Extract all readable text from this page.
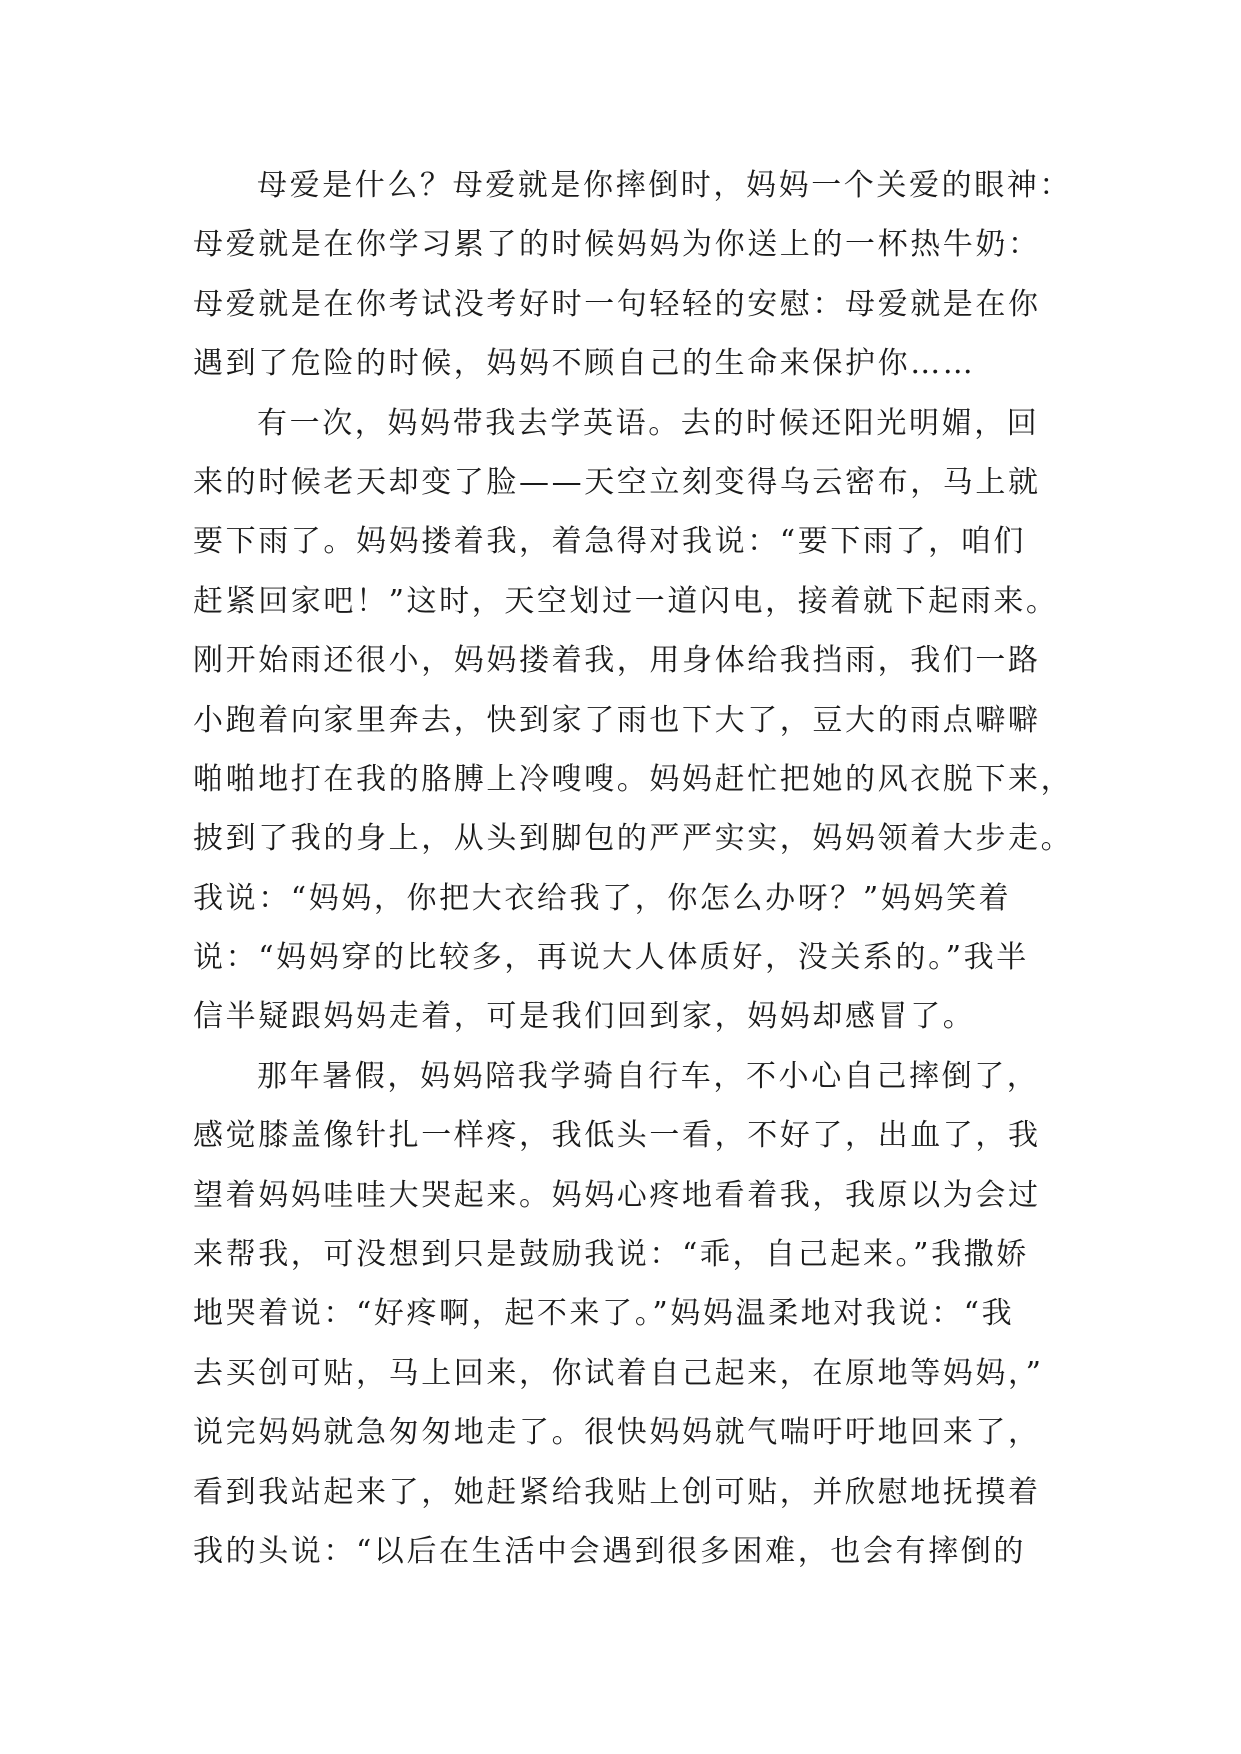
母爱是什么？母爱就是你摔倒时，妈妈一个关爱的眼神：
母爱就是在你学习累了的时候妈妈为你送上的一杯热牛奶：
母爱就是在你考试没考好时一句轻轻的安慰：母爱就是在你
遇到了危险的时候，妈妈不顾自己的生命来保护你……
有一次，妈妈带我去学英语。去的时候还阳光明媚，回
来的时候老天却变了脸——天空立刻变得乌云密布，马上就
要下雨了。妈妈搂着我，着急得对我说：“要下雨了，咱们
赶紧回家吧！”这时，天空划过一道闪电，接着就下起雨来。
刚开始雨还很小，妈妈搂着我，用身体给我挡雨，我们一路
小跑着向家里奔去，快到家了雨也下大了，豆大的雨点噼噼
啪啪地打在我的胳膊上冷嗖嗖。妈妈赶忙把她的风衣脱下来，
披到了我的身上，从头到脚包的严严实实，妈妈领着大步走。
我说：“妈妈，你把大衣给我了，你怎么办呀？”妈妈笑着
说：“妈妈穿的比较多，再说大人体质好，没关系的。”我半
信半疑跟妈妈走着，可是我们回到家，妈妈却感冒了。
那年暑假，妈妈陪我学骑自行车，不小心自己摔倒了，
感觉膝盖像针扎一样疼，我低头一看，不好了，出血了，我
望着妈妈哇哇大哭起来。妈妈心疼地看着我，我原以为会过
来帮我，可没想到只是鼓励我说：“乖，自己起来。”我撒娇
地哭着说：“好疼啊，起不来了。”妈妈温柔地对我说：“我
去买创可贴，马上回来，你试着自己起来，在原地等妈妈，”
说完妈妈就急匆匆地走了。很快妈妈就气喘吁吁地回来了，
看到我站起来了，她赶紧给我贴上创可贴，并欣慰地抚摸着
我的头说：“以后在生活中会遇到很多困难，也会有摔倒的
